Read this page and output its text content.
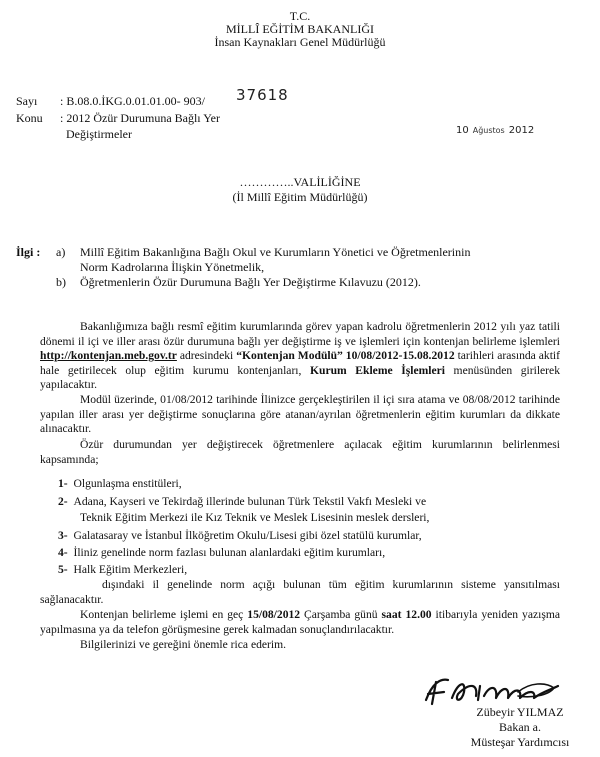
T.C.
MİLLÎ EĞİTİM BAKANLIĞI
İnsan Kaynakları Genel Müdürlüğü
Sayı : B.08.0.İKG.0.01.01.00- 903/ 37618
Konu : 2012 Özür Durumuna Bağlı Yer
Değiştirmeler	10 Ağustos 2012
…………..VALİLİĞİNE
(İl Millî Eğitim Müdürlüğü)
İlgi : a) Millî Eğitim Bakanlığına Bağlı Okul ve Kurumların Yönetici ve Öğretmenlerinin
Norm Kadrolarına İlişkin Yönetmelik,
b) Öğretmenlerin Özür Durumuna Bağlı Yer Değiştirme Kılavuzu (2012).
Bakanlığımıza bağlı resmî eğitim kurumlarında görev yapan kadrolu öğretmenlerin 2012 yılı yaz tatili dönemi il içi ve iller arası özür durumuna bağlı yer değiştirme iş ve işlemleri için kontenjan belirleme işlemleri http://kontenjan.meb.gov.tr adresindeki “Kontenjan Modülü” 10/08/2012-15.08.2012 tarihleri arasında aktif hale getirilecek olup eğitim kurumu kontenjanları, Kurum Ekleme İşlemleri menüsünden girilerek yapılacaktır.
Modül üzerinde, 01/08/2012 tarihinde İlinizce gerçekleştirilen il içi sıra atama ve 08/08/2012 tarihinde yapılan iller arası yer değiştirme sonuçlarına göre atanan/ayrılan öğretmenlerin eğitim kurumları da dikkate alınacaktır.
Özür durumundan yer değiştirecek öğretmenlere açılacak eğitim kurumlarının belirlenmesi kapsamında;
1- Olgunlaşma enstitüleri,
2- Adana, Kayseri ve Tekirdağ illerinde bulunan Türk Tekstil Vakfı Mesleki ve
Teknik Eğitim Merkezi ile Kız Teknik ve Meslek Lisesinin meslek dersleri,
3- Galatasaray ve İstanbul İlköğretim Okulu/Lisesi gibi özel statülü kurumlar,
4- İliniz genelinde norm fazlası bulunan alanlardaki eğitim kurumları,
5- Halk Eğitim Merkezleri,
dışındaki il genelinde norm açığı bulunan tüm eğitim kurumlarının sisteme yansıtılması sağlanacaktır.
Kontenjan belirleme işlemi en geç 15/08/2012 Çarşamba günü saat 12.00 itibarıyla yeniden yazışma yapılmasına ya da telefon görüşmesine gerek kalmadan sonuçlandırılacaktır.
Bilgilerinizi ve gereğini önemle rica ederim.
Zübeyir YILMAZ
Bakan a.
Müsteşar Yardımcısı
